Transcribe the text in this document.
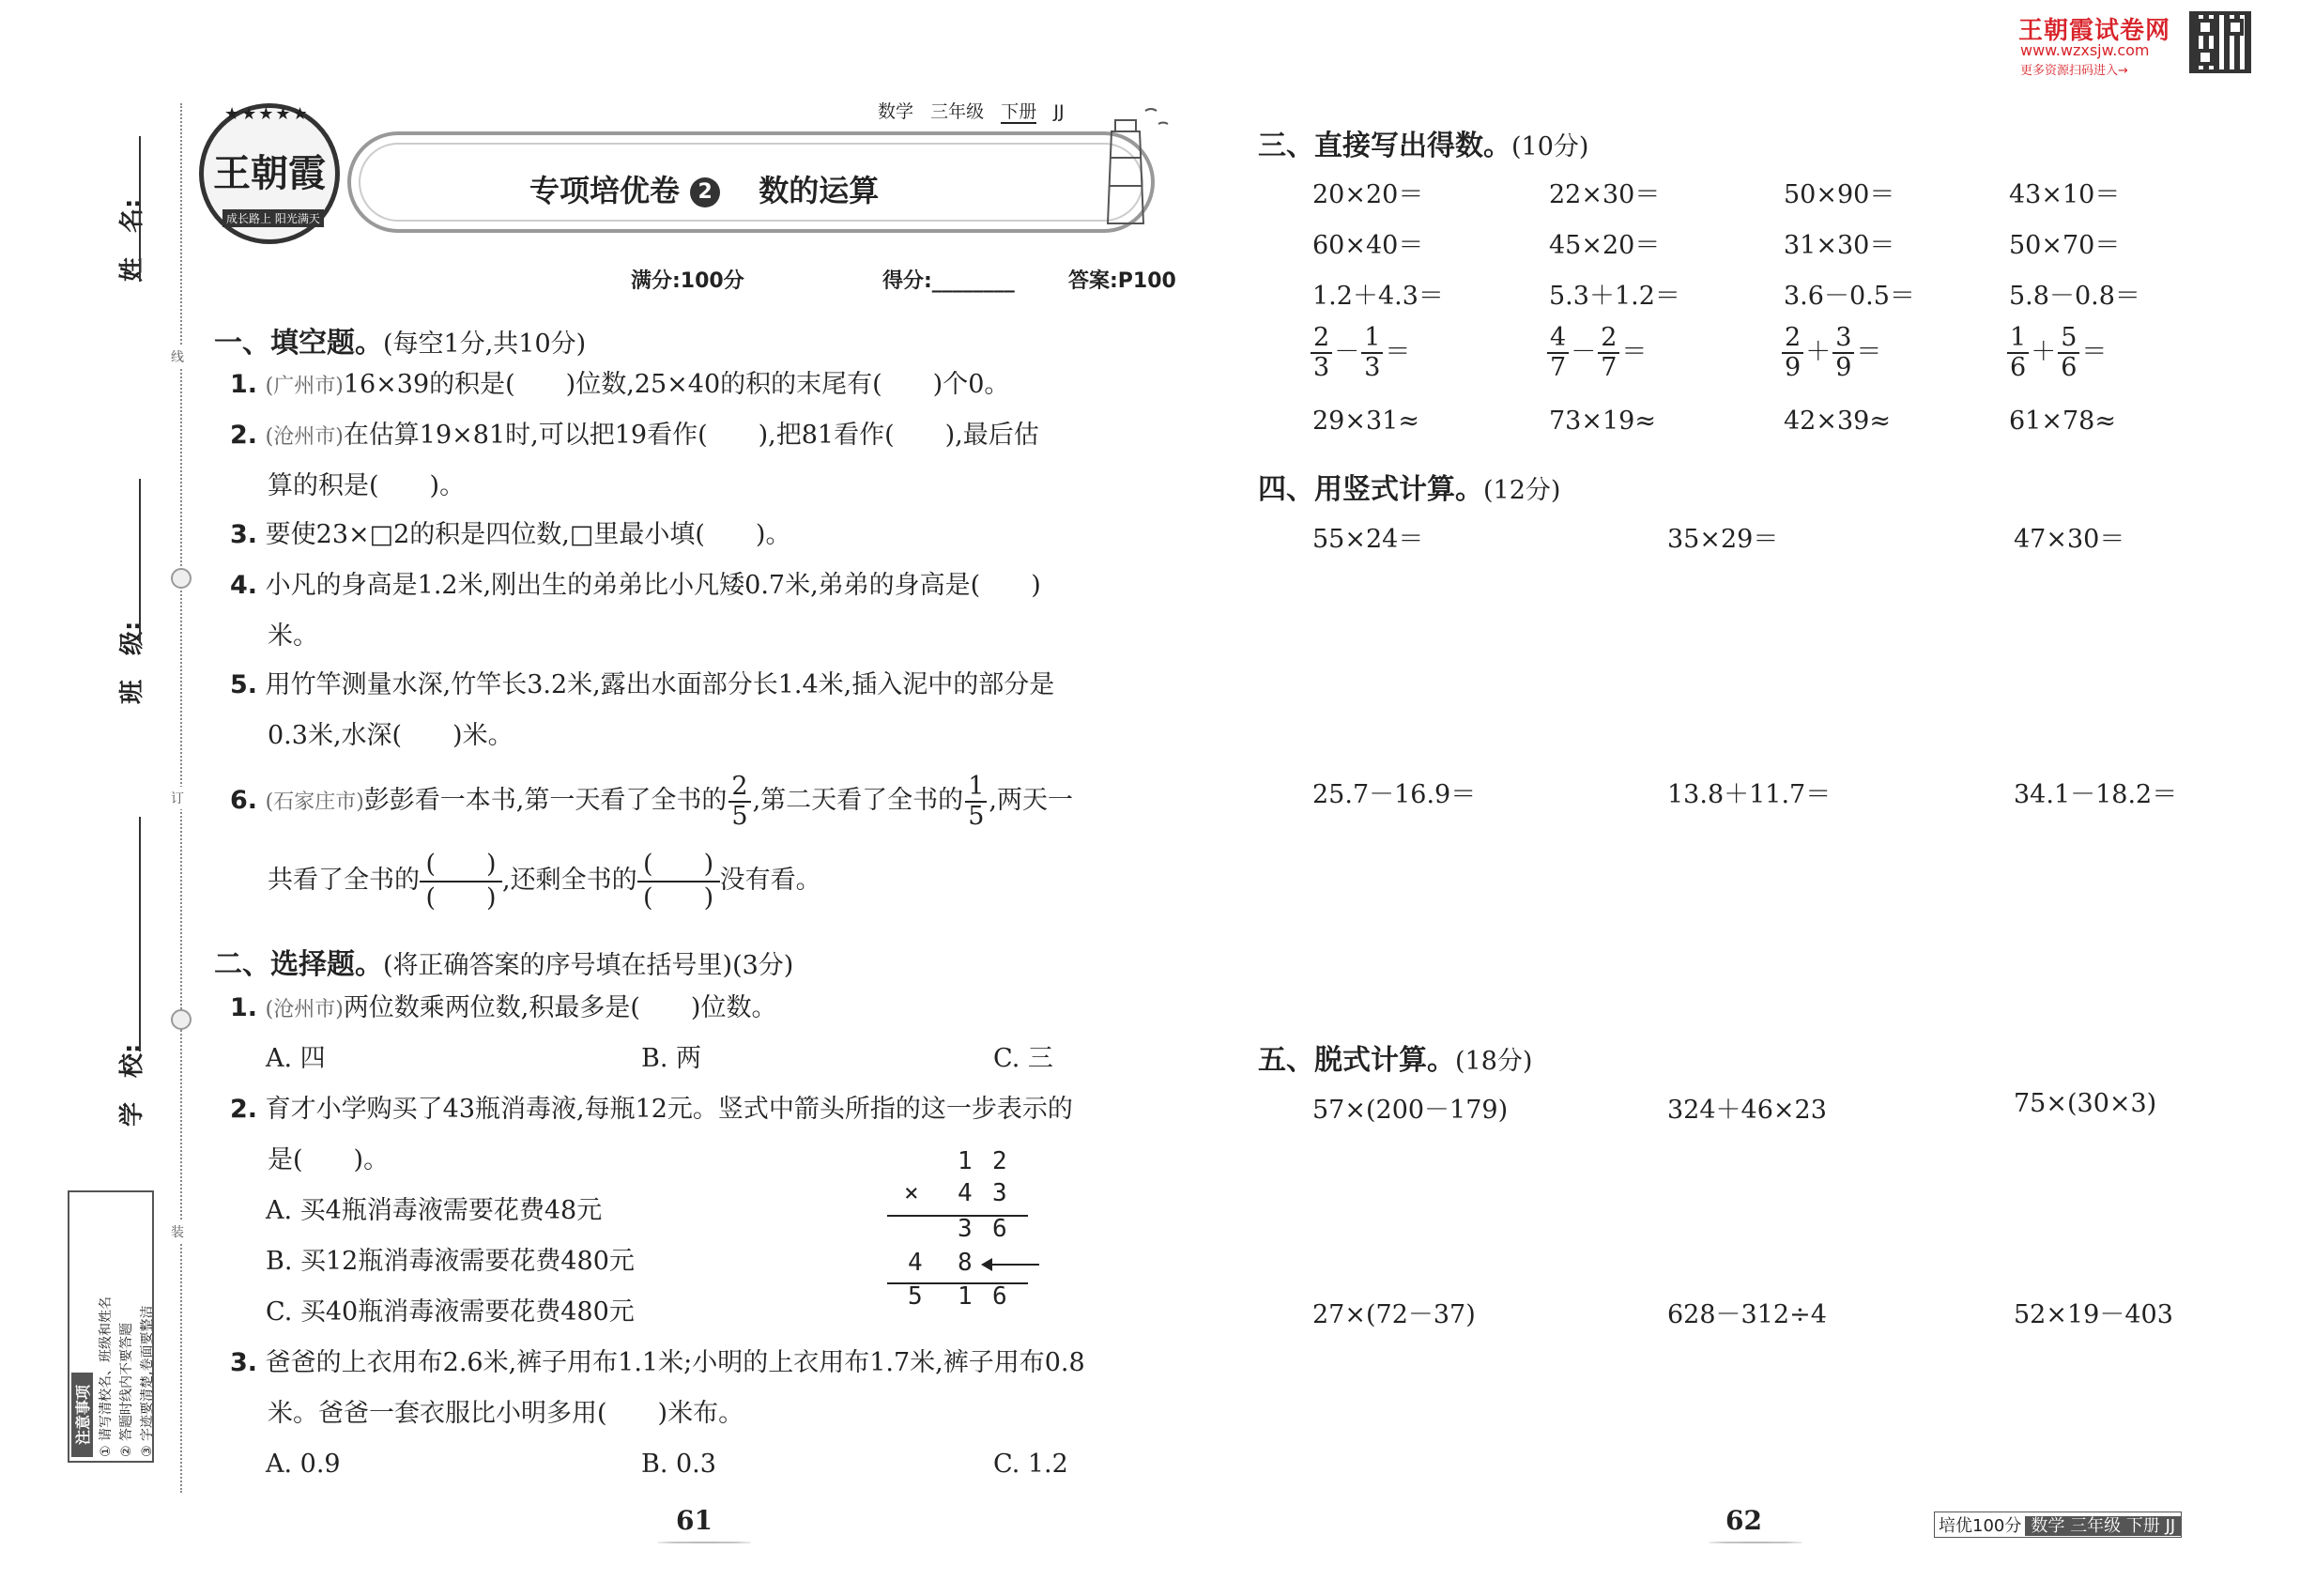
王朝霞试卷网
www.wzxsjw.com
更多资源扫码进入→
线
订
装
姓　名:
班　级:
学　校:
注意事项 ① 请写清校名、班级和姓名 ② 答题时线内不要答题 ③ 字迹要清楚,卷面要整洁
★★★★★
王朝霞
成长路上 阳光满天
专项培优卷 2 数的运算
数学 三年级 下册 JJ
满分:100分	得分:________	答案:P100
一、填空题。(每空1分,共10分)
1. (广州市)16×39的积是(　　)位数,25×40的积的末尾有(　　)个0。
2. (沧州市)在估算19×81时,可以把19看作(　　),把81看作(　　),最后估
算的积是(　　)。
3. 要使23×□2的积是四位数,□里最小填(　　)。
4. 小凡的身高是1.2米,刚出生的弟弟比小凡矮0.7米,弟弟的身高是(　　)
米。
5. 用竹竿测量水深,竹竿长3.2米,露出水面部分长1.4米,插入泥中的部分是
0.3米,水深(　　)米。
6. (石家庄市)彭彭看一本书,第一天看了全书的 $\frac{2}{5}$ ,第二天看了全书的 $\frac{1}{5}$ ,两天一
共看了全书的 $\frac{( )}{( )}$,还剩全书的 $\frac{( )}{( )}$没有看。
二、选择题。(将正确答案的序号填在括号里)(3分)
1. (沧州市)两位数乘两位数,积最多是(　　)位数。
A. 四	B. 两	C. 三
2. 育才小学购买了43瓶消毒液,每瓶12元。竖式中箭头所指的这一步表示的
是(　　)。
A. 买4瓶消毒液需要花费48元
B. 买12瓶消毒液需要花费480元
C. 买40瓶消毒液需要花费480元
1 2
× 4 3
3 6
4 8
5 1 6
3. 爸爸的上衣用布2.6米,裤子用布1.1米;小明的上衣用布1.7米,裤子用布0.8
米。爸爸一套衣服比小明多用(　　)米布。
A. 0.9	B. 0.3	C. 1.2
61
三、直接写出得数。(10分)
20×20＝	22×30＝	50×90＝	43×10＝
60×40＝	45×20＝	31×30＝	50×70＝
1.2＋4.3＝	5.3＋1.2＝	3.6－0.5＝	5.8－0.8＝
$\frac{2}{3} - \frac{1}{3}$ ＝	$\frac{4}{7} - \frac{2}{7}$ ＝	$\frac{2}{9} + \frac{3}{9}$ ＝	$\frac{1}{6} + \frac{5}{6}$ ＝
29×31≈	73×19≈	42×39≈	61×78≈
四、用竖式计算。(12分)
55×24＝	35×29＝	47×30＝
25.7－16.9＝	13.8＋11.7＝	34.1－18.2＝
五、脱式计算。(18分)
57×(200－179)	324＋46×23	75×(30×3)
27×(72－37)	628－312÷4	52×19－403
62	培优100分 数学 三年级 下册 JJ
